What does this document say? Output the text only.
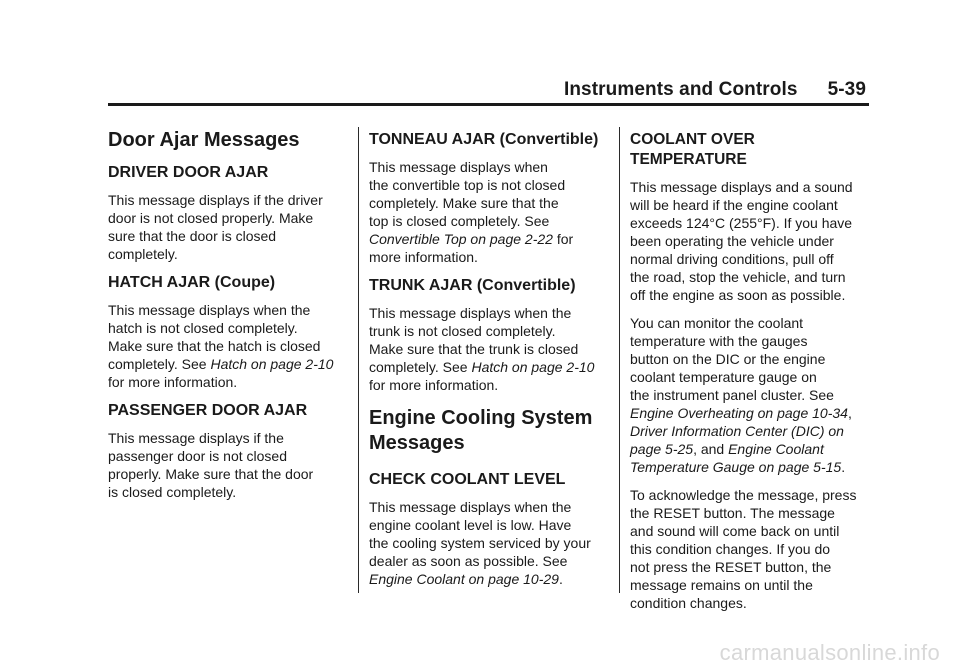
Instruments and Controls 5-39
Door Ajar Messages
DRIVER DOOR AJAR

This message displays if the driver
door is not closed properly. Make
sure that the door is closed
completely.

HATCH AJAR (Coupe)

This message displays when the
hatch is not closed completely.
Make sure that the hatch is closed
completely. See Hatch on page 2-10
for more information.

PASSENGER DOOR AJAR

This message displays if the
passenger door is not closed
properly. Make sure that the door
is closed completely.

TONNEAU AJAR (Convertible)

This message displays when
the convertible top is not closed
completely. Make sure that the
top is closed completely. See
Convertible Top on page 2-22 for
more information.

TRUNK AJAR (Convertible)

This message displays when the
trunk is not closed completely.
Make sure that the trunk is closed
completely. See Hatch on page 2-10
for more information.

Engine Cooling System
Messages
CHECK COOLANT LEVEL

This message displays when the
engine coolant level is low. Have
the cooling system serviced by your
dealer as soon as possible. See
Engine Coolant on page 10-29.

COOLANT OVER
TEMPERATURE

This message displays and a sound
will be heard if the engine coolant
exceeds 124°C (255°F). If you have
been operating the vehicle under
normal driving conditions, pull off
the road, stop the vehicle, and turn
off the engine as soon as possible.

You can monitor the coolant
temperature with the gauges
button on the DIC or the engine
coolant temperature gauge on
the instrument panel cluster. See
Engine Overheating on page 10-34,
Driver Information Center (DIC) on
page 5-25, and Engine Coolant
Temperature Gauge on page 5-15.

To acknowledge the message, press
the RESET button. The message
and sound will come back on until
this condition changes. If you do
not press the RESET button, the
message remains on until the
condition changes.

carmanualsonline.info
